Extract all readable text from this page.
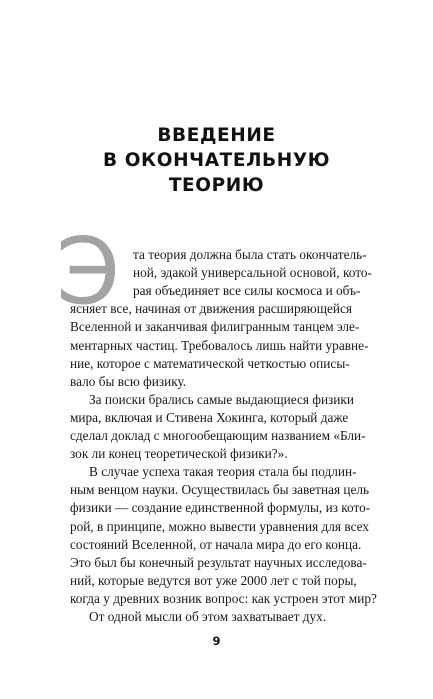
ВВЕДЕНИЕ
В ОКОНЧАТЕЛЬНУЮ
ТЕОРИЮ
Э та теория должна была стать окончатель-
ной, эдакой универсальной основой, кото-
рая объединяет все силы космоса и объ-
ясняет все, начиная от движения расширяющейся
Вселенной и заканчивая филигранным танцем эле-
ментарных частиц. Требовалось лишь найти уравне-
ние, которое с математической четкостью описы-
вало бы всю физику.
За поиски брались самые выдающиеся физики
мира, включая и Стивена Хокинга, который даже
сделал доклад с многообещающим названием «Бли-
зок ли конец теоретической физики?».
В случае успеха такая теория стала бы подлин-
ным венцом науки. Осуществилась бы заветная цель
физики — создание единственной формулы, из кото-
рой, в принципе, можно вывести уравнения для всех
состояний Вселенной, от начала мира до его конца.
Это был бы конечный результат научных исследова-
ний, которые ведутся вот уже 2000 лет с той поры,
когда у древних возник вопрос: как устроен этот мир?
От одной мысли об этом захватывает дух.
9
